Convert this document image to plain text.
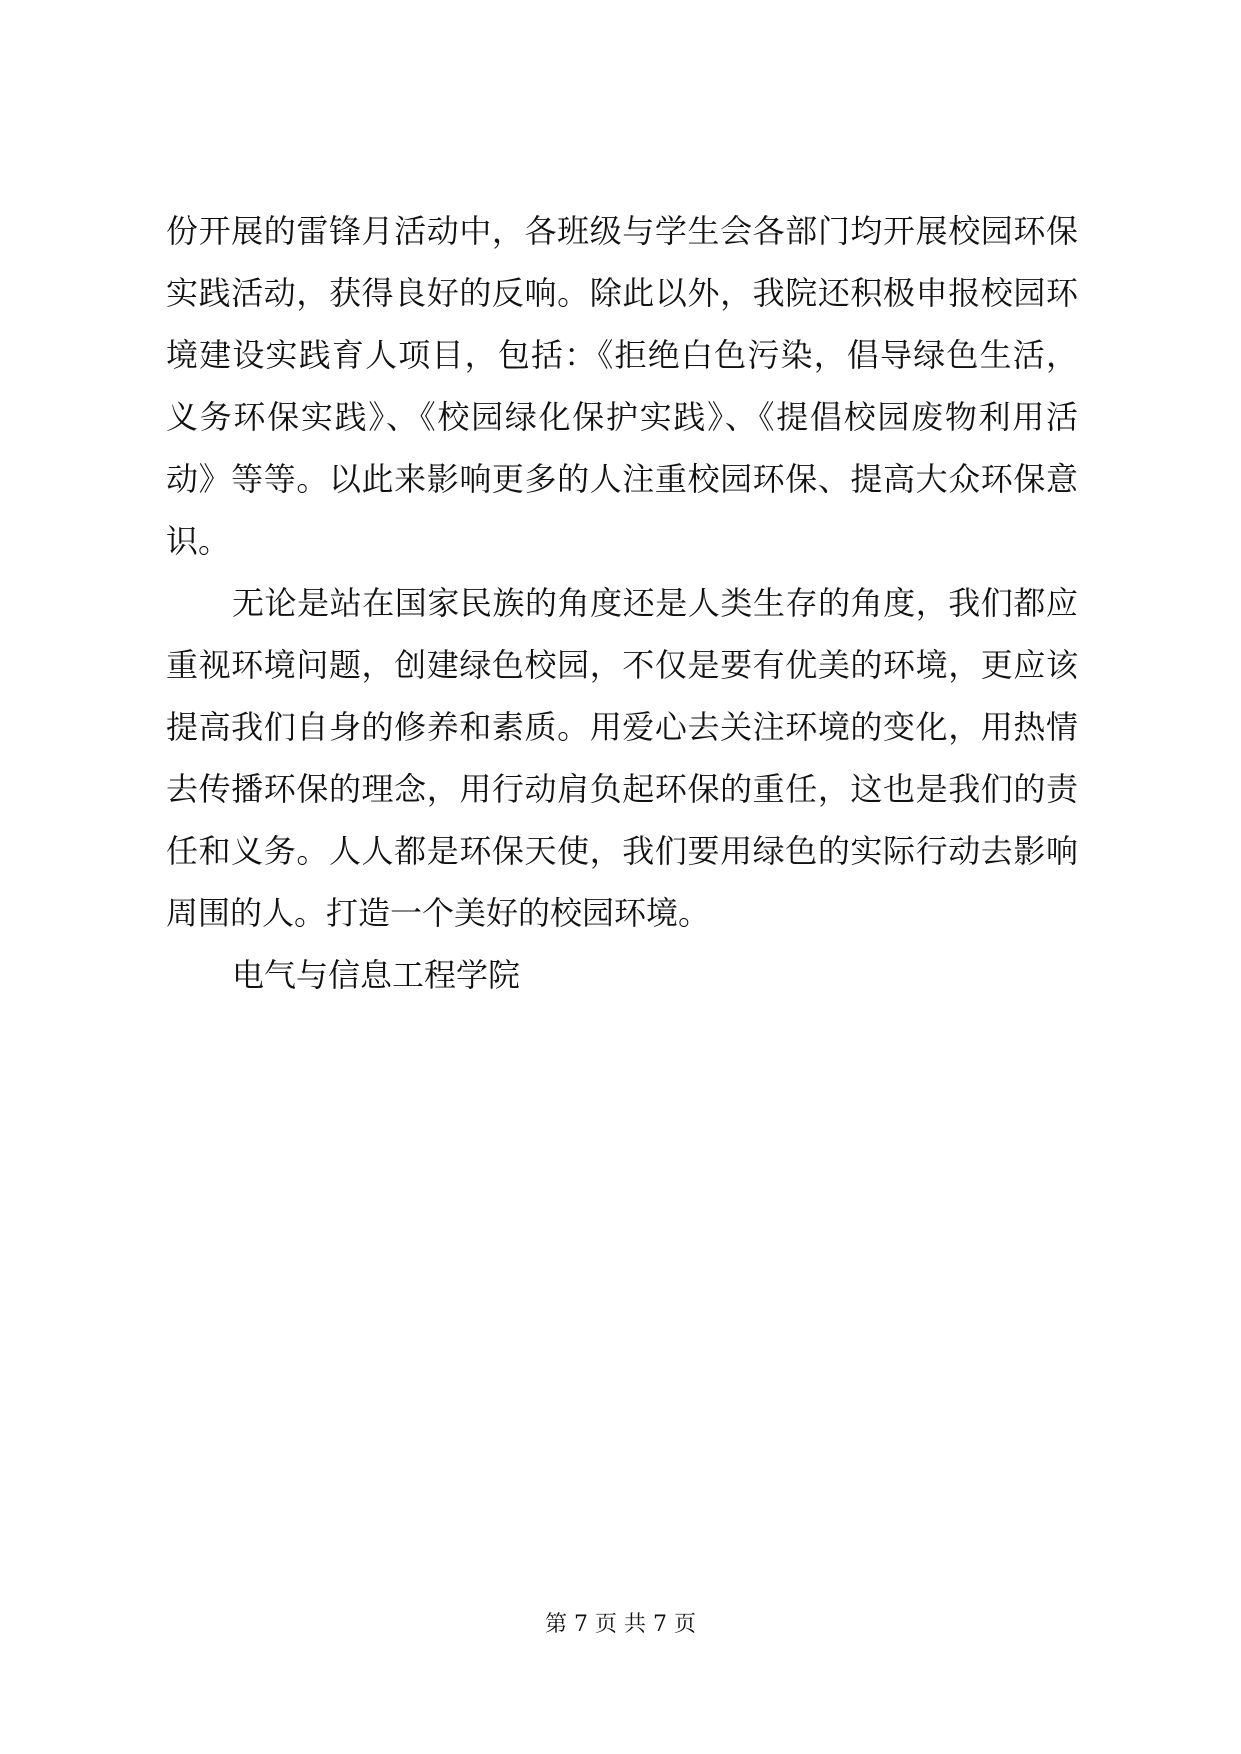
份开展的雷锋月活动中，各班级与学生会各部门均开展校园环保
实践活动，获得良好的反响。除此以外，我院还积极申报校园环
境建设实践育人项目，包括：《拒绝白色污染，倡导绿色生活，
义务环保实践》、《校园绿化保护实践》、《提倡校园废物利用活
动》等等。以此来影响更多的人注重校园环保、提高大众环保意
识。
无论是站在国家民族的角度还是人类生存的角度，我们都应
重视环境问题，创建绿色校园，不仅是要有优美的环境，更应该
提高我们自身的修养和素质。用爱心去关注环境的变化，用热情
去传播环保的理念，用行动肩负起环保的重任，这也是我们的责
任和义务。人人都是环保天使，我们要用绿色的实际行动去影响
周围的人。打造一个美好的校园环境。
电气与信息工程学院
第 7 页 共 7 页
